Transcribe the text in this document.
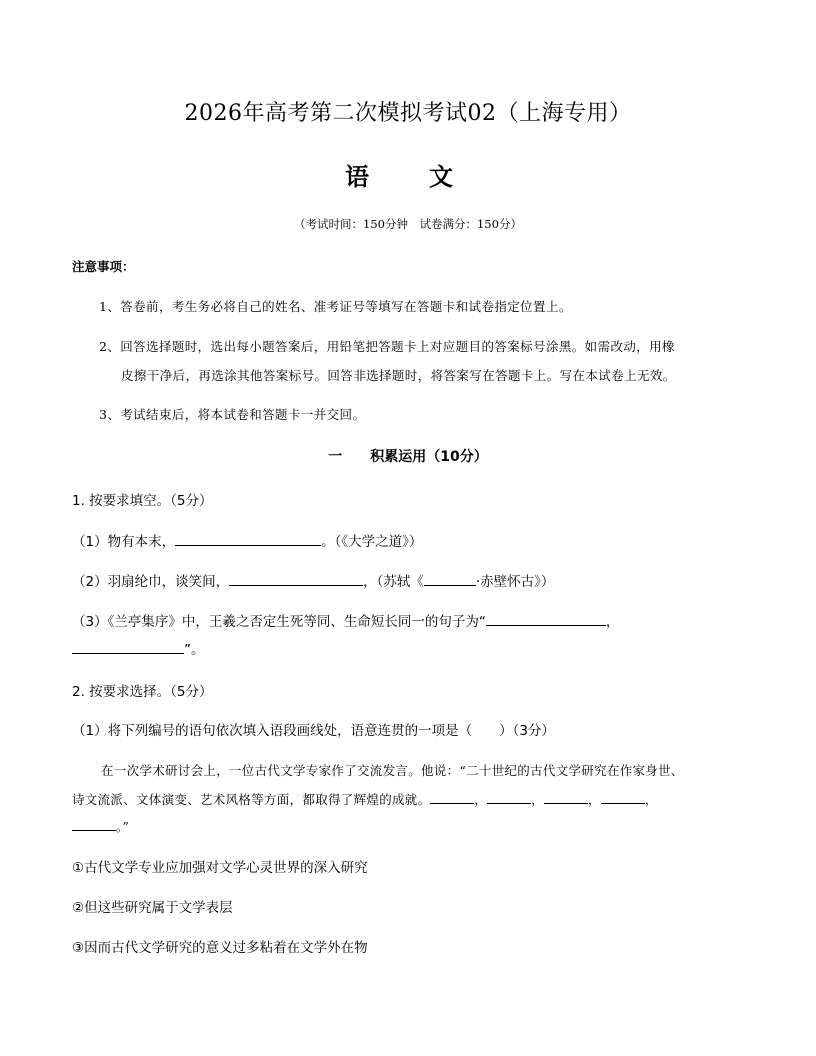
2026年高考第二次模拟考试02（上海专用）
语　文
（考试时间：150分钟　试卷满分：150分）
注意事项：
1、答卷前，考生务必将自己的姓名、准考证号等填写在答题卡和试卷指定位置上。
2、回答选择题时，选出每小题答案后，用铅笔把答题卡上对应题目的答案标号涂黑。如需改动，用橡
皮擦干净后，再选涂其他答案标号。回答非选择题时，将答案写在答题卡上。写在本试卷上无效。
3、考试结束后，将本试卷和答题卡一并交回。
一　　积累运用（10分）
1. 按要求填空。（5分）
（1）物有本末，	。（《大学之道》）
（2）羽扇纶巾，谈笑间，	，（苏轼《	·赤壁怀古》）
（3）《兰亭集序》中，王羲之否定生死等同、生命短长同一的句子为“	，
”。
2. 按要求选择。（5分）
（1）将下列编号的语句依次填入语段画线处，语意连贯的一项是（　　）（3分）
在一次学术研讨会上，一位古代文学专家作了交流发言。他说：“二十世纪的古代文学研究在作家身世、
诗文流派、文体演变、艺术风格等方面，都取得了辉煌的成就。	，	，	，	，
。”
①古代文学专业应加强对文学心灵世界的深入研究
②但这些研究属于文学表层
③因而古代文学研究的意义过多粘着在文学外在物
